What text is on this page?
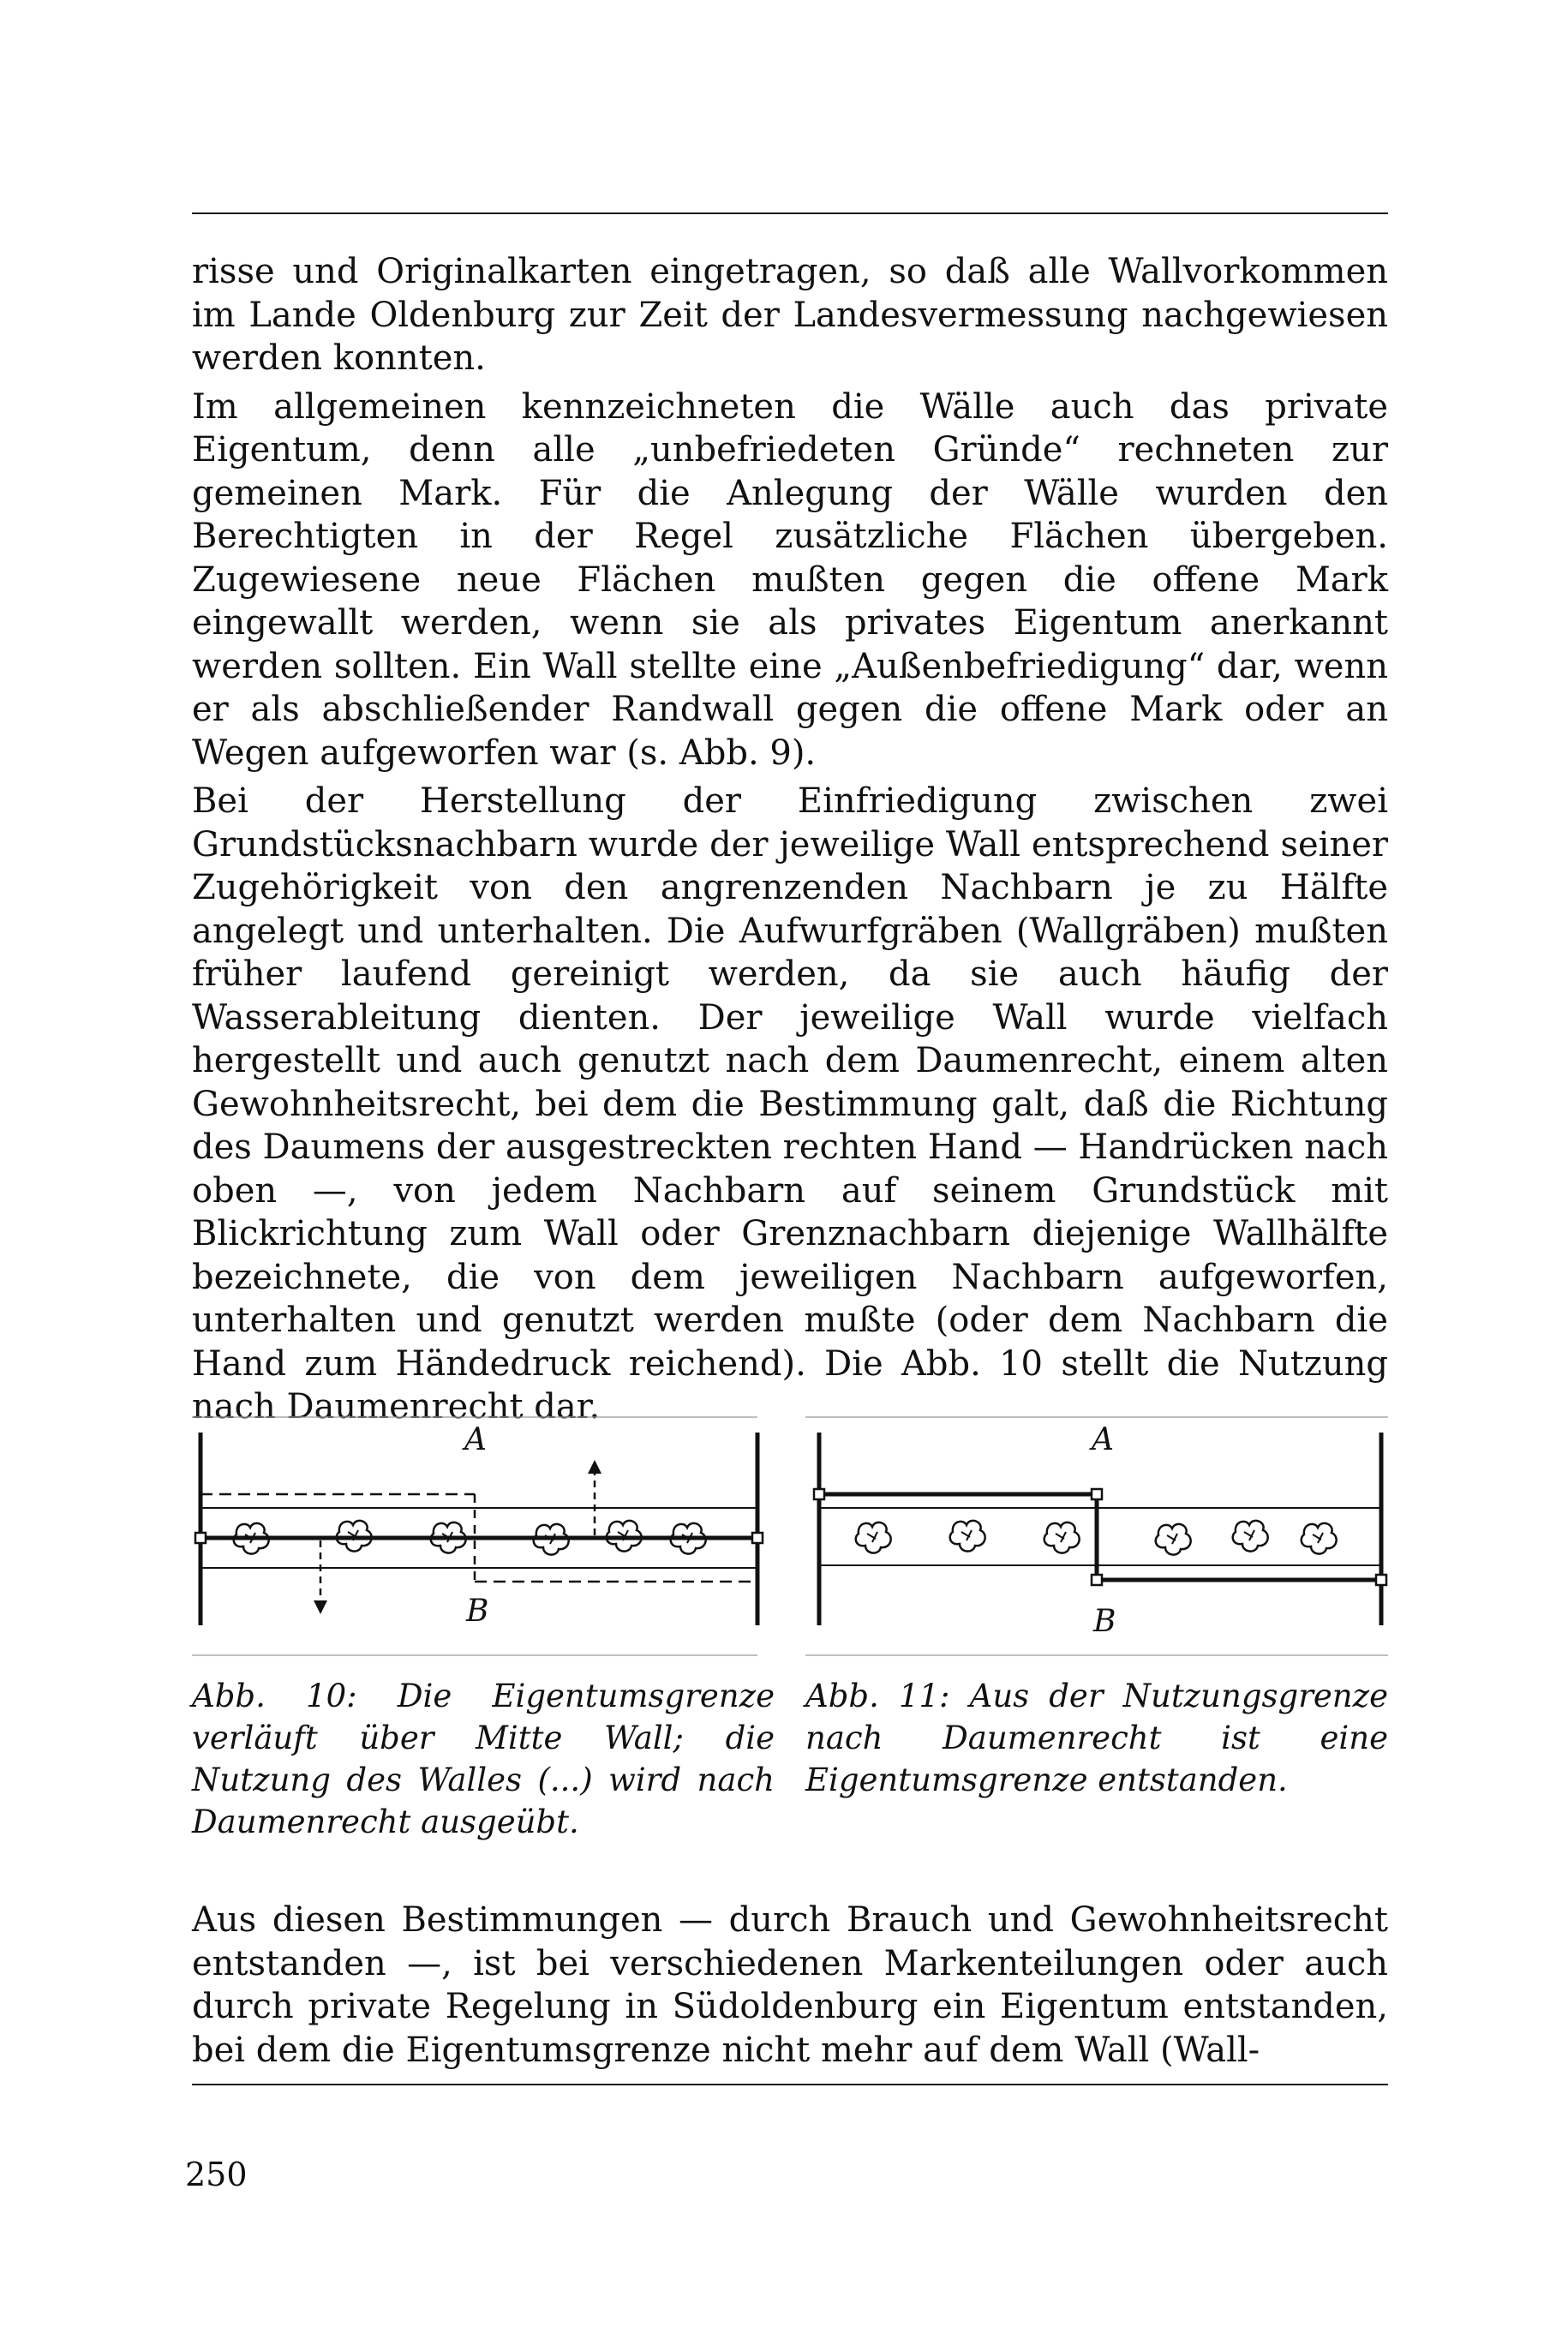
risse und Originalkarten eingetragen, so daß alle Wallvorkommen im Lande Oldenburg zur Zeit der Landesvermessung nachgewiesen werden konnten.

Im allgemeinen kennzeichneten die Wälle auch das private Eigentum, denn alle „unbefriedeten Gründe“ rechneten zur gemeinen Mark. Für die Anlegung der Wälle wurden den Berechtigten in der Regel zusätzliche Flächen übergeben. Zugewiesene neue Flächen mußten gegen die offene Mark eingewallt werden, wenn sie als privates Eigentum anerkannt werden sollten. Ein Wall stellte eine „Außenbefriedigung“ dar, wenn er als abschließender Randwall gegen die offene Mark oder an Wegen aufgeworfen war (s. Abb. 9).

Bei der Herstellung der Einfriedigung zwischen zwei Grundstücksnachbarn wurde der jeweilige Wall entsprechend seiner Zugehörigkeit von den angrenzenden Nachbarn je zu Hälfte angelegt und unterhalten. Die Aufwurfgräben (Wallgräben) mußten früher laufend gereinigt werden, da sie auch häufig der Wasserableitung dienten. Der jeweilige Wall wurde vielfach hergestellt und auch genutzt nach dem Daumenrecht, einem alten Gewohnheitsrecht, bei dem die Bestimmung galt, daß die Richtung des Daumens der ausgestreckten rechten Hand — Handrücken nach oben —, von jedem Nachbarn auf seinem Grundstück mit Blickrichtung zum Wall oder Grenznachbarn diejenige Wallhälfte bezeichnete, die von dem jeweiligen Nachbarn aufgeworfen, unterhalten und genutzt werden mußte (oder dem Nachbarn die Hand zum Händedruck reichend). Die Abb. 10 stellt die Nutzung nach Daumenrecht dar.

A
B
A
B
Abb. 10: Die Eigentumsgrenze verläuft über Mitte Wall; die Nutzung des Walles (...) wird nach Daumenrecht ausgeübt.
Abb. 11: Aus der Nutzungsgrenze nach Daumenrecht ist eine Eigentumsgrenze entstanden.

Aus diesen Bestimmungen — durch Brauch und Gewohnheitsrecht entstanden —, ist bei verschiedenen Markenteilungen oder auch durch private Regelung in Südoldenburg ein Eigentum entstanden, bei dem die Eigentumsgrenze nicht mehr auf dem Wall (Wall-

250
